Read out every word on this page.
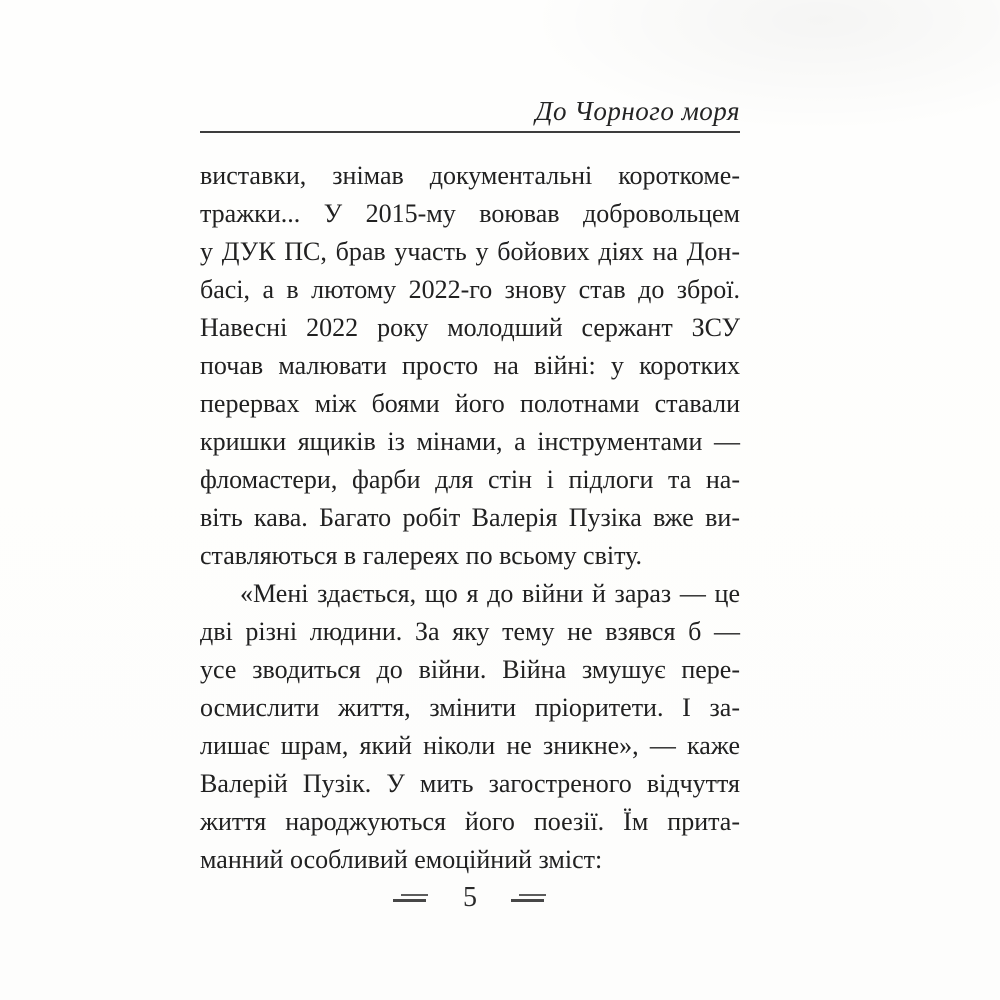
До Чорного моря
виставки, знімав документальні короткоме-
тражки... У 2015-му воював добровольцем
у ДУК ПС, брав участь у бойових діях на Дон-
басі, а в лютому 2022-го знову став до зброї.
Навесні 2022 року молодший сержант ЗСУ
почав малювати просто на війні: у коротких
перервах між боями його полотнами ставали
кришки ящиків із мінами, а інструментами —
фломастери, фарби для стін і підлоги та на-
віть кава. Багато робіт Валерія Пузіка вже ви-
ставляються в галереях по всьому світу.
«Мені здається, що я до війни й зараз — це
дві різні людини. За яку тему не взявся б —
усе зводиться до війни. Війна змушує пере-
осмислити життя, змінити пріоритети. І за-
лишає шрам, який ніколи не зникне», — каже
Валерій Пузік. У мить загостреного відчуття
життя народжуються його поезії. Їм прита-
манний особливий емоційний зміст:
5
